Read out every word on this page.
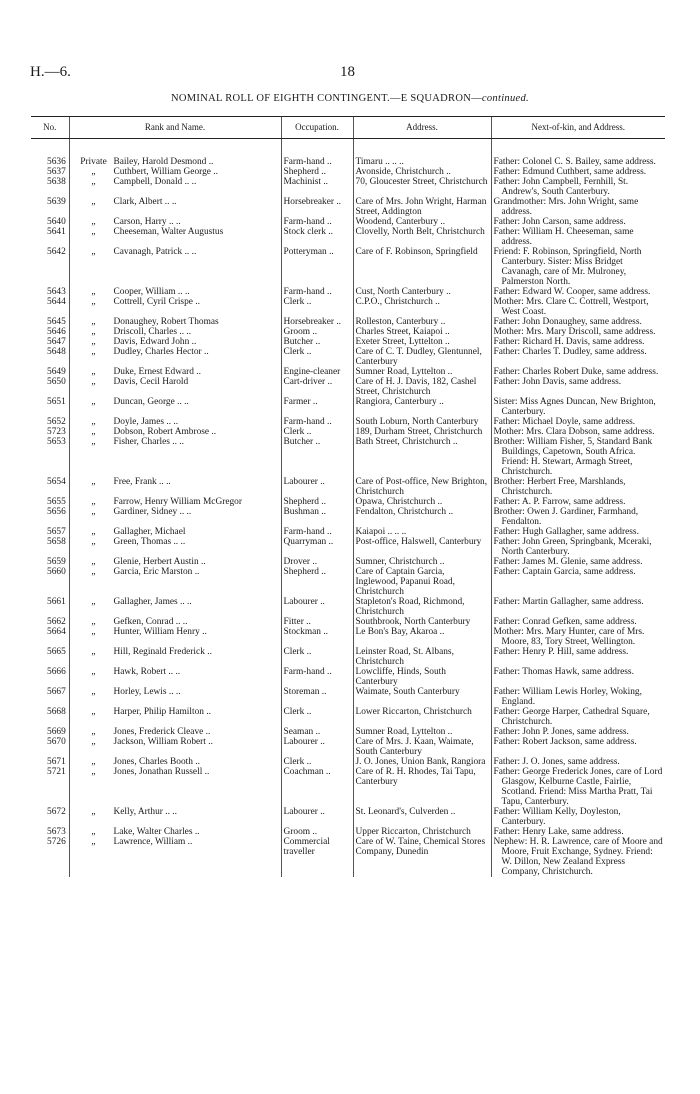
H.—6.	18
NOMINAL ROLL OF EIGHTH CONTINGENT.—E SQUADRON—continued.
No.	Rank and Name.	Occupation.	Address.	Next-of-kin, and Address.

5636	Private Bailey, Harold Desmond ..	Farm-hand ..	Timaru .. .. ..	Father: Colonel C. S. Bailey, same address.
5637	„ Cuthbert, William George ..	Shepherd ..	Avonside, Christchurch ..	Father: Edmund Cuthbert, same address.
5638	„ Campbell, Donald .. ..	Machinist ..	70, Gloucester Street, Christchurch	Father: John Campbell, Fernhill, St. Andrew's, South Canterbury.
5639	„ Clark, Albert .. ..	Horsebreaker ..	Care of Mrs. John Wright, Harman Street, Addington	Grandmother: Mrs. John Wright, same address.
5640	„ Carson, Harry .. ..	Farm-hand ..	Woodend, Canterbury ..	Father: John Carson, same address.
5641	„ Cheeseman, Walter Augustus	Stock clerk ..	Clovelly, North Belt, Christchurch	Father: William H. Cheeseman, same address.
5642	„ Cavanagh, Patrick .. ..	Potteryman ..	Care of F. Robinson, Springfield	Friend: F. Robinson, Springfield, North Canterbury. Sister: Miss Bridget Cavanagh, care of Mr. Mulroney, Palmerston North.
5643	„ Cooper, William .. ..	Farm-hand ..	Cust, North Canterbury ..	Father: Edward W. Cooper, same address.
5644	„ Cottrell, Cyril Crispe ..	Clerk ..	C.P.O., Christchurch ..	Mother: Mrs. Clare C. Cottrell, Westport, West Coast.
5645	„ Donaughey, Robert Thomas	Horsebreaker ..	Rolleston, Canterbury ..	Father: John Donaughey, same address.
5646	„ Driscoll, Charles .. ..	Groom ..	Charles Street, Kaiapoi ..	Mother: Mrs. Mary Driscoll, same address.
5647	„ Davis, Edward John ..	Butcher ..	Exeter Street, Lyttelton ..	Father: Richard H. Davis, same address.
5648	„ Dudley, Charles Hector ..	Clerk ..	Care of C. T. Dudley, Glentunnel, Canterbury	Father: Charles T. Dudley, same address.
5649	„ Duke, Ernest Edward ..	Engine-cleaner	Sumner Road, Lyttelton ..	Father: Charles Robert Duke, same address.
5650	„ Davis, Cecil Harold	Cart-driver ..	Care of H. J. Davis, 182, Cashel Street, Christchurch	Father: John Davis, same address.
5651	„ Duncan, George .. ..	Farmer ..	Rangiora, Canterbury ..	Sister: Miss Agnes Duncan, New Brighton, Canterbury.
5652	„ Doyle, James .. ..	Farm-hand ..	South Loburn, North Canterbury	Father: Michael Doyle, same address.
5723	„ Dobson, Robert Ambrose ..	Clerk ..	189, Durham Street, Christchurch	Mother: Mrs. Clara Dobson, same address.
5653	„ Fisher, Charles .. ..	Butcher ..	Bath Street, Christchurch ..	Brother: William Fisher, 5, Standard Bank Buildings, Capetown, South Africa. Friend: H. Stewart, Armagh Street, Christchurch.
5654	„ Free, Frank .. ..	Labourer ..	Care of Post-office, New Brighton, Christchurch	Brother: Herbert Free, Marshlands, Christchurch.
5655	„ Farrow, Henry William McGregor	Shepherd ..	Opawa, Christchurch ..	Father: A. P. Farrow, same address.
5656	„ Gardiner, Sidney .. ..	Bushman ..	Fendalton, Christchurch ..	Brother: Owen J. Gardiner, Farmhand, Fendalton.
5657	„ Gallagher, Michael	Farm-hand ..	Kaiapoi .. .. ..	Father: Hugh Gallagher, same address.
5658	„ Green, Thomas .. ..	Quarryman ..	Post-office, Halswell, Canterbury	Father: John Green, Springbank, Mceraki, North Canterbury.
5659	„ Glenie, Herbert Austin ..	Drover ..	Sumner, Christchurch ..	Father: James M. Glenie, same address.
5660	„ Garcia, Eric Marston ..	Shepherd ..	Care of Captain Garcia, Inglewood, Papanui Road, Christchurch	Father: Captain Garcia, same address.
5661	„ Gallagher, James .. ..	Labourer ..	Stapleton's Road, Richmond, Christchurch	Father: Martin Gallagher, same address.
5662	„ Gefken, Conrad .. ..	Fitter ..	Southbrook, North Canterbury	Father: Conrad Gefken, same address.
5664	„ Hunter, William Henry ..	Stockman ..	Le Bon's Bay, Akaroa ..	Mother: Mrs. Mary Hunter, care of Mrs. Moore, 83, Tory Street, Wellington.
5665	„ Hill, Reginald Frederick ..	Clerk ..	Leinster Road, St. Albans, Christchurch	Father: Henry P. Hill, same address.
5666	„ Hawk, Robert .. ..	Farm-hand ..	Lowcliffe, Hinds, South Canterbury	Father: Thomas Hawk, same address.
5667	„ Horley, Lewis .. ..	Storeman ..	Waimate, South Canterbury	Father: William Lewis Horley, Woking, England.
5668	„ Harper, Philip Hamilton ..	Clerk ..	Lower Riccarton, Christchurch	Father: George Harper, Cathedral Square, Christchurch.
5669	„ Jones, Frederick Cleave ..	Seaman ..	Sumner Road, Lyttelton ..	Father: John P. Jones, same address.
5670	„ Jackson, William Robert ..	Labourer ..	Care of Mrs. J. Kaan, Waimate, South Canterbury	Father: Robert Jackson, same address.
5671	„ Jones, Charles Booth ..	Clerk ..	J. O. Jones, Union Bank, Rangiora	Father: J. O. Jones, same address.
5721	„ Jones, Jonathan Russell ..	Coachman ..	Care of R. H. Rhodes, Tai Tapu, Canterbury	Father: George Frederick Jones, care of Lord Glasgow, Kelburne Castle, Fairlie, Scotland. Friend: Miss Martha Pratt, Tai Tapu, Canterbury.
5672	„ Kelly, Arthur .. ..	Labourer ..	St. Leonard's, Culverden ..	Father: William Kelly, Doyleston, Canterbury.
5673	„ Lake, Walter Charles ..	Groom ..	Upper Riccarton, Christchurch	Father: Henry Lake, same address.
5726	„ Lawrence, William ..	Commercial traveller	Care of W. Taine, Chemical Stores Company, Dunedin	Nephew: H. R. Lawrence, care of Moore and Moore, Fruit Exchange, Sydney. Friend: W. Dillon, New Zealand Express Company, Christchurch.
